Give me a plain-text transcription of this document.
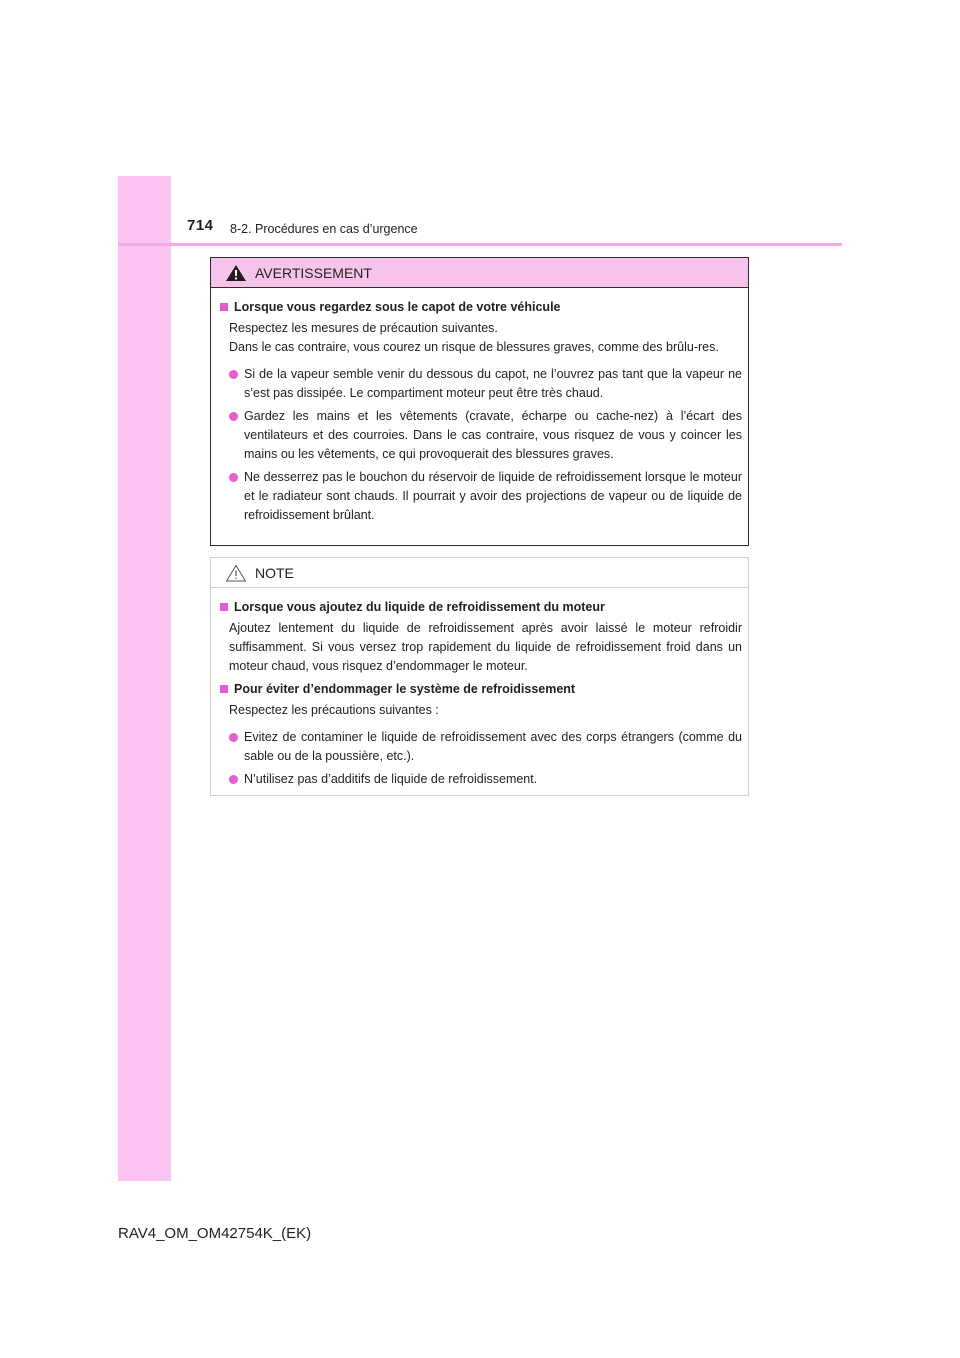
714 8-2. Procédures en cas d’urgence
AVERTISSEMENT
Lorsque vous regardez sous le capot de votre véhicule
Respectez les mesures de précaution suivantes.
Dans le cas contraire, vous courez un risque de blessures graves, comme des brûlu-res.
Si de la vapeur semble venir du dessous du capot, ne l’ouvrez pas tant que la vapeur ne s’est pas dissipée. Le compartiment moteur peut être très chaud.
Gardez les mains et les vêtements (cravate, écharpe ou cache-nez) à l’écart des ventilateurs et des courroies. Dans le cas contraire, vous risquez de vous y coincer les mains ou les vêtements, ce qui provoquerait des blessures graves.
Ne desserrez pas le bouchon du réservoir de liquide de refroidissement lorsque le moteur et le radiateur sont chauds. Il pourrait y avoir des projections de vapeur ou de liquide de refroidissement brûlant.
NOTE
Lorsque vous ajoutez du liquide de refroidissement du moteur
Ajoutez lentement du liquide de refroidissement après avoir laissé le moteur refroidir suffisamment. Si vous versez trop rapidement du liquide de refroidissement froid dans un moteur chaud, vous risquez d’endommager le moteur.
Pour éviter d’endommager le système de refroidissement
Respectez les précautions suivantes :
Evitez de contaminer le liquide de refroidissement avec des corps étrangers (comme du sable ou de la poussière, etc.).
N’utilisez pas d’additifs de liquide de refroidissement.
RAV4_OM_OM42754K_(EK)
